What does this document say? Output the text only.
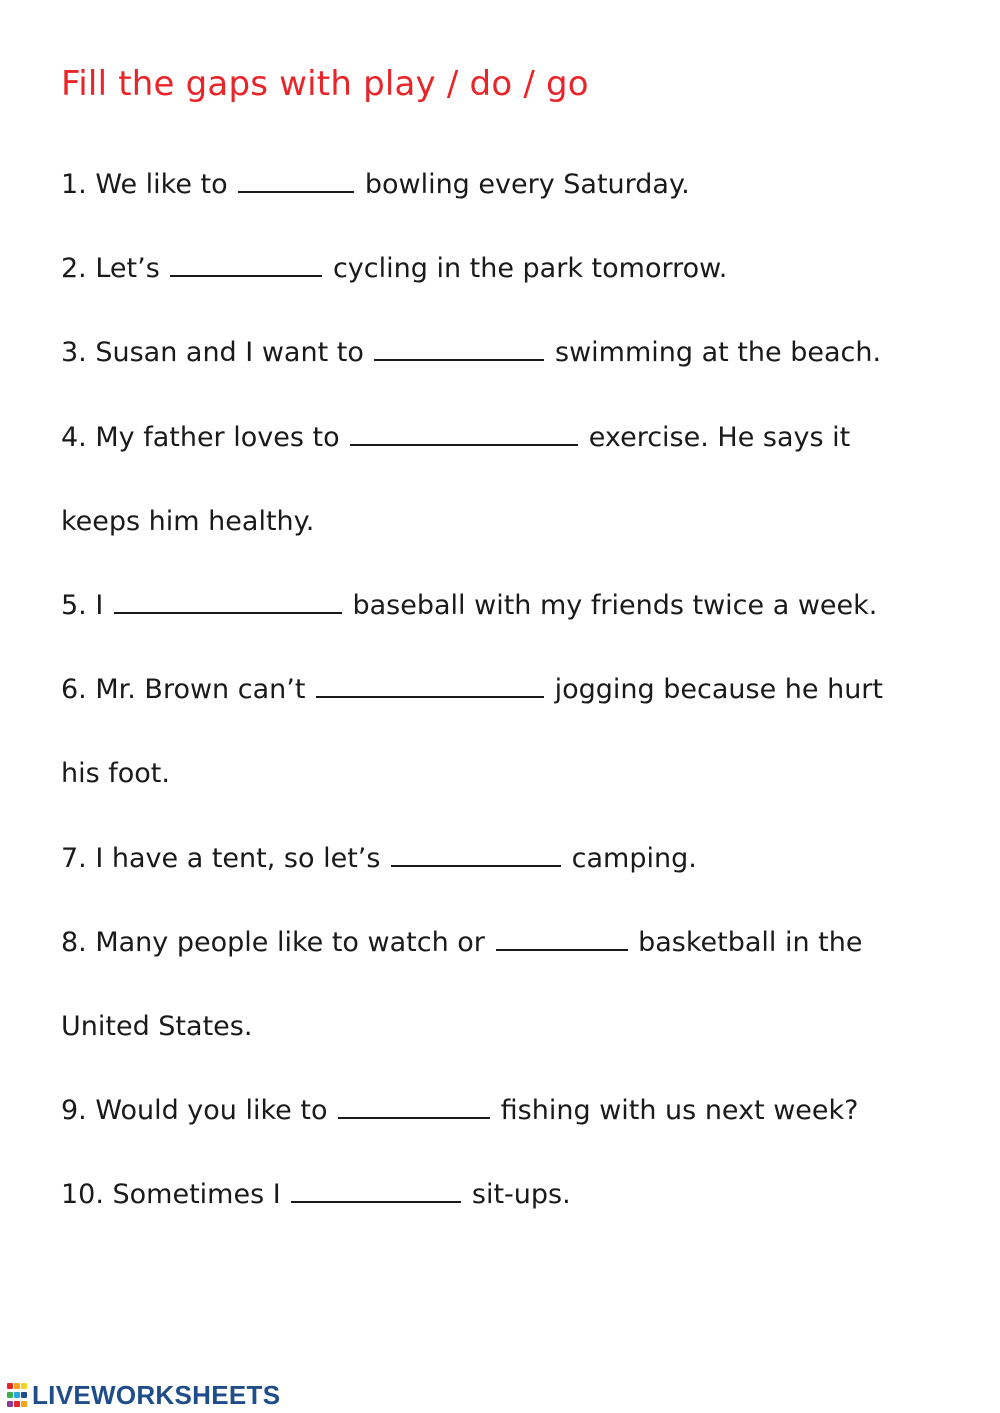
Fill the gaps with play / do / go
1. We like to	bowling every Saturday.
2. Let’s	cycling in the park tomorrow.
3. Susan and I want to	swimming at the beach.
4. My father loves to	exercise. He says it
keeps him healthy.
5. I	baseball with my friends twice a week.
6. Mr. Brown can’t	jogging because he hurt
his foot.
7. I have a tent, so let’s	camping.
8. Many people like to watch or	basketball in the
United States.
9. Would you like to	fishing with us next week?
10. Sometimes I	sit-ups.
LIVEWORKSHEETS
